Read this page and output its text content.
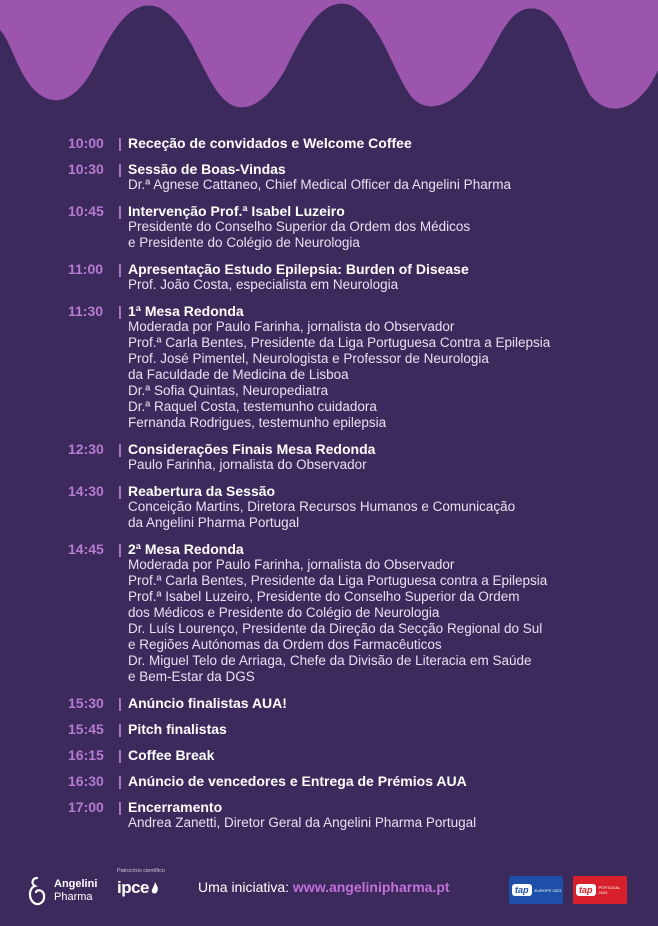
10:00	| Receção de convidados e Welcome Coffee
10:30	| Sessão de Boas-Vindas
Dr.ª Agnese Cattaneo, Chief Medical Officer da Angelini Pharma
10:45	| Intervenção Prof.ª Isabel Luzeiro
Presidente do Conselho Superior da Ordem dos Médicos
e Presidente do Colégio de Neurologia
11:00	| Apresentação Estudo Epilepsia: Burden of Disease
Prof. João Costa, especialista em Neurologia
11:30	| 1ª Mesa Redonda
Moderada por Paulo Farinha, jornalista do Observador
Prof.ª Carla Bentes, Presidente da Liga Portuguesa Contra a Epilepsia
Prof. José Pimentel, Neurologista e Professor de Neurologia
da Faculdade de Medicina de Lisboa
Dr.ª Sofia Quintas, Neuropediatra
Dr.ª Raquel Costa, testemunho cuidadora
Fernanda Rodrigues, testemunho epilepsia
12:30	| Considerações Finais Mesa Redonda
Paulo Farinha, jornalista do Observador
14:30	| Reabertura da Sessão
Conceição Martins, Diretora Recursos Humanos e Comunicação
da Angelini Pharma Portugal
14:45	| 2ª Mesa Redonda
Moderada por Paulo Farinha, jornalista do Observador
Prof.ª Carla Bentes, Presidente da Liga Portuguesa contra a Epilepsia
Prof.ª Isabel Luzeiro, Presidente do Conselho Superior da Ordem
dos Médicos e Presidente do Colégio de Neurologia
Dr. Luís Lourenço, Presidente da Direção da Secção Regional do Sul
e Regiões Autónomas da Ordem dos Farmacêuticos
Dr. Miguel Telo de Arriaga, Chefe da Divisão de Literacia em Saúde
e Bem-Estar da DGS
15:30	| Anúncio finalistas AUA!
15:45	| Pitch finalistas
16:15	| Coffee Break
16:30	| Anúncio de vencedores e Entrega de Prémios AUA
17:00	| Encerramento
Andrea Zanetti, Diretor Geral da Angelini Pharma Portugal
Angelini
Pharma
Patrocínio científico
ipce	Uma iniciativa: www.angelinipharma.pt	tap	EUROPE 2023	tap	PORTUGAL 2023
